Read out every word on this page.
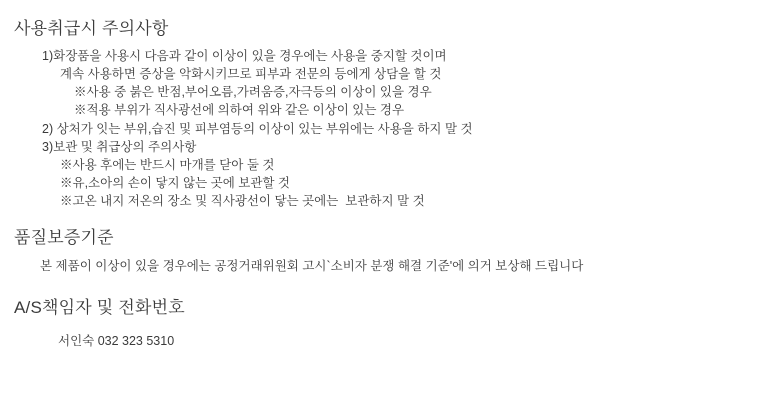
사용취급시 주의사항
1)화장품을 사용시 다음과 같이 이상이 있을 경우에는 사용을 중지할 것이며
계속 사용하면 증상을 악화시키므로 피부과 전문의 등에게 상담을 할 것
※사용 중 붉은 반점,부어오름,가려움증,자극등의 이상이 있을 경우
※적용 부위가 직사광선에 의하여 위와 같은 이상이 있는 경우
2) 상처가 잇는 부위,습진 및 피부염등의 이상이 있는 부위에는 사용을 하지 말 것
3)보관 및 취급상의 주의사항
※사용 후에는 반드시 마개를 닫아 둘 것
※유,소아의 손이 닿지 않는 곳에 보관할 것
※고온 내지 저온의 장소 및 직사광선이 닿는 곳에는  보관하지 말 것
품질보증기준
본 제품이 이상이 있을 경우에는 공정거래위원회 고시`소비자 분쟁 해결 기준'에 의거 보상해 드립니다
A/S책임자 및 전화번호
서인숙 032 323 5310
